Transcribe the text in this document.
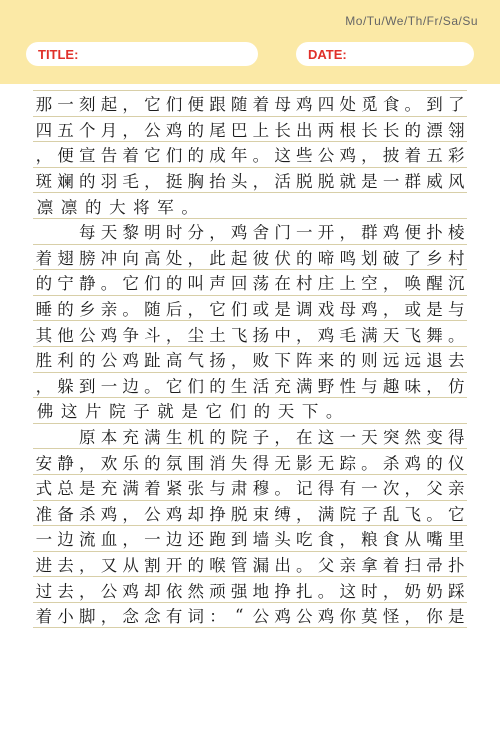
Mo/Tu/We/Th/Fr/Sa/Su
TITLE:	DATE:
那 一 刻 起 ， 它 们 便 跟 随 着 母 鸡 四 处 觅 食 。 到 了
四 五 个 月 ， 公 鸡 的 尾 巴 上 长 出 两 根 长 长 的 漂 翎
， 便 宣 告 着 它 们 的 成 年 。 这 些 公 鸡 ， 披 着 五 彩
斑 斓 的 羽 毛 ， 挺 胸 抬 头 ， 活 脱 脱 就 是 一 群 威 风
凛 凛 的 大 将 军 。

每 天 黎 明 时 分 ， 鸡 舍 门 一 开 ， 群 鸡 便 扑 棱
着 翅 膀 冲 向 高 处 ， 此 起 彼 伏 的 啼 鸣 划 破 了 乡 村
的 宁 静 。 它 们 的 叫 声 回 荡 在 村 庄 上 空 ， 唤 醒 沉
睡 的 乡 亲 。 随 后 ， 它 们 或 是 调 戏 母 鸡 ， 或 是 与
其 他 公 鸡 争 斗 ， 尘 土 飞 扬 中 ， 鸡 毛 满 天 飞 舞 。
胜 利 的 公 鸡 趾 高 气 扬 ， 败 下 阵 来 的 则 远 远 退 去
， 躲 到 一 边 。 它 们 的 生 活 充 满 野 性 与 趣 味 ， 仿
佛 这 片 院 子 就 是 它 们 的 天 下 。

原 本 充 满 生 机 的 院 子 ， 在 这 一 天 突 然 变 得
安 静 ， 欢 乐 的 氛 围 消 失 得 无 影 无 踪 。 杀 鸡 的 仪
式 总 是 充 满 着 紧 张 与 肃 穆 。 记 得 有 一 次 ， 父 亲
准 备 杀 鸡 ， 公 鸡 却 挣 脱 束 缚 ， 满 院 子 乱 飞 。 它
一 边 流 血 ， 一 边 还 跑 到 墙 头 吃 食 ， 粮 食 从 嘴 里
进 去 ， 又 从 割 开 的 喉 管 漏 出 。 父 亲 拿 着 扫 帚 扑
过 去 ， 公 鸡 却 依 然 顽 强 地 挣 扎 。 这 时 ， 奶 奶 踩
着 小 脚 ， 念 念 有 词 ： “ 公 鸡 公 鸡 你 莫 怪 ， 你 是
